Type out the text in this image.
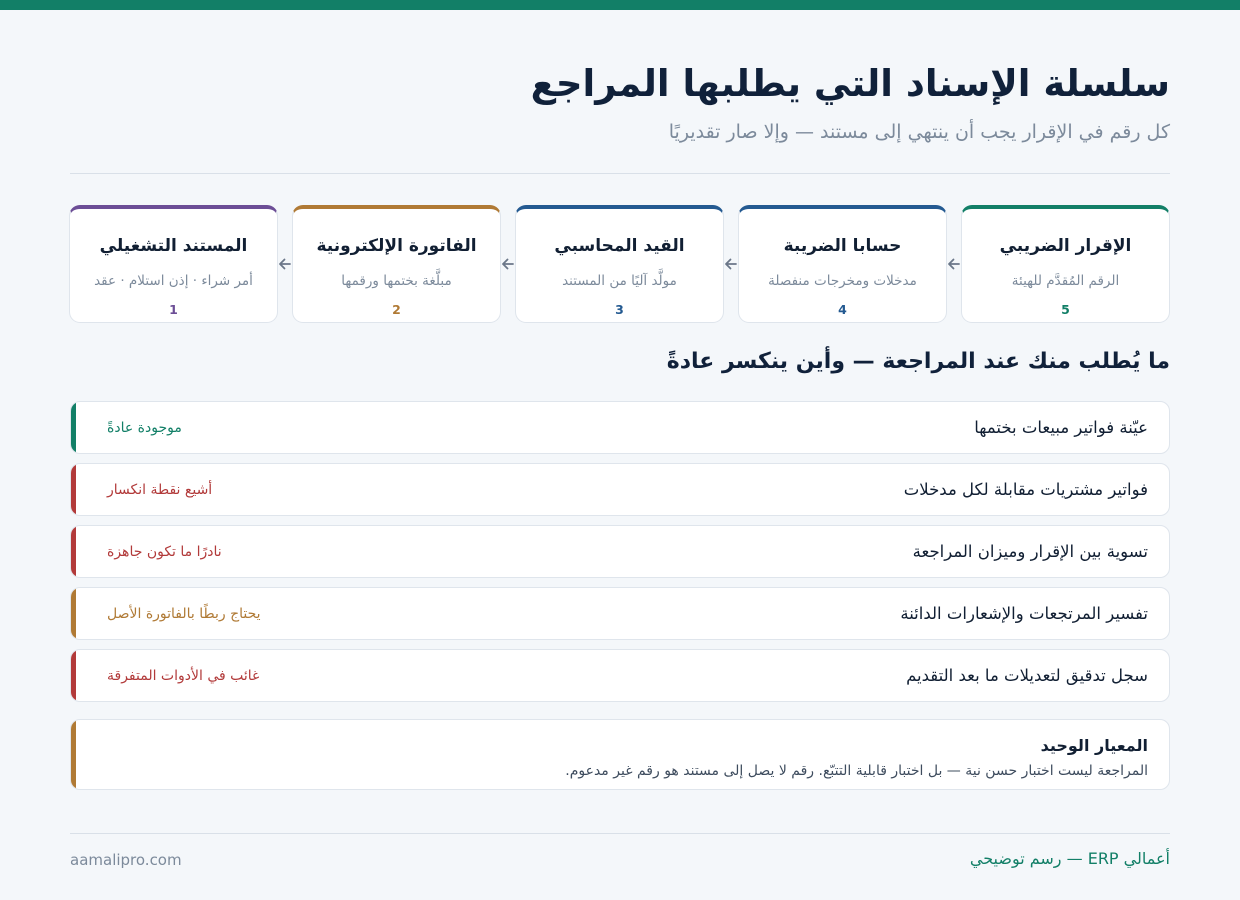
سلسلة الإسناد التي يطلبها المراجع
كل رقم في الإقرار يجب أن ينتهي إلى مستند — وإلا صار تقديريًا
الإقرار الضريبي
الرقم المُقدَّم للهيئة
5
حسابا الضريبة
مدخلات ومخرجات منفصلة
4
القيد المحاسبي
مولَّد آليًا من المستند
3
الفاتورة الإلكترونية
مبلَّغة بختمها ورقمها
2
المستند التشغيلي
أمر شراء · إذن استلام · عقد
1
ما يُطلب منك عند المراجعة — وأين ينكسر عادةً
عيّنة فواتير مبيعات بختمها
موجودة عادةً
فواتير مشتريات مقابلة لكل مدخلات
أشيع نقطة انكسار
تسوية بين الإقرار وميزان المراجعة
نادرًا ما تكون جاهزة
تفسير المرتجعات والإشعارات الدائنة
يحتاج ربطًا بالفاتورة الأصل
سجل تدقيق لتعديلات ما بعد التقديم
غائب في الأدوات المتفرقة
المعيار الوحيد
المراجعة ليست اختبار حسن نية — بل اختبار قابلية التتبّع. رقم لا يصل إلى مستند هو رقم غير مدعوم.
أعمالي ERP — رسم توضيحي
aamalipro.com
